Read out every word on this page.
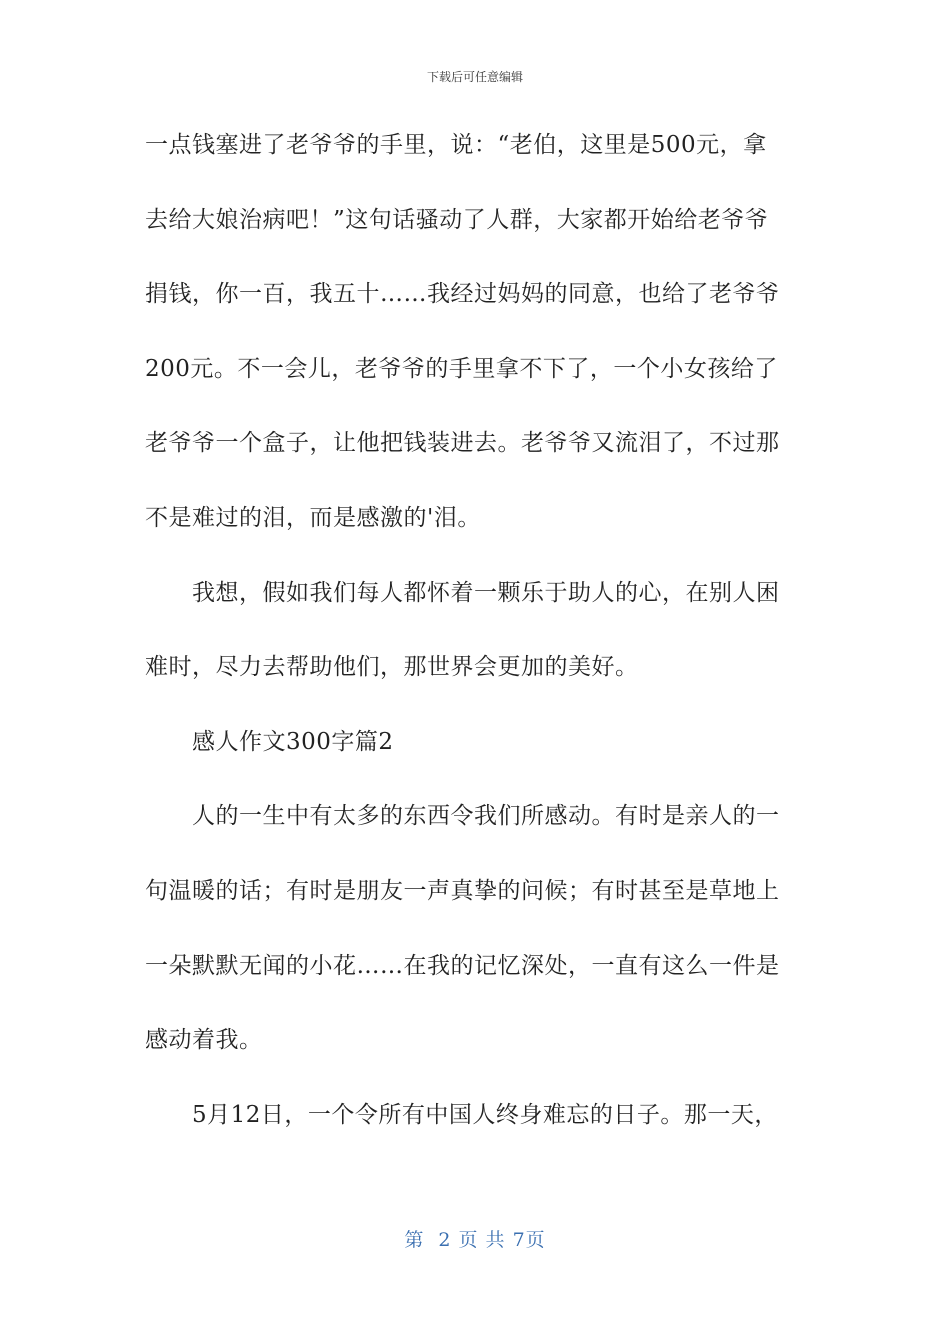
下载后可任意编辑
一点钱塞进了老爷爷的手里，说：“老伯，这里是500元，拿
去给大娘治病吧！”这句话骚动了人群，大家都开始给老爷爷
捐钱，你一百，我五十……我经过妈妈的同意，也给了老爷爷
200元。不一会儿，老爷爷的手里拿不下了，一个小女孩给了
老爷爷一个盒子，让他把钱装进去。老爷爷又流泪了，不过那
不是难过的泪，而是感激的'泪。
我想，假如我们每人都怀着一颗乐于助人的心，在别人困
难时，尽力去帮助他们，那世界会更加的美好。
感人作文300字篇2
人的一生中有太多的东西令我们所感动。有时是亲人的一
句温暖的话；有时是朋友一声真挚的问候；有时甚至是草地上
一朵默默无闻的小花……在我的记忆深处，一直有这么一件是
感动着我。
5月12日，一个令所有中国人终身难忘的日子。那一天，
第  2 页 共 7页
